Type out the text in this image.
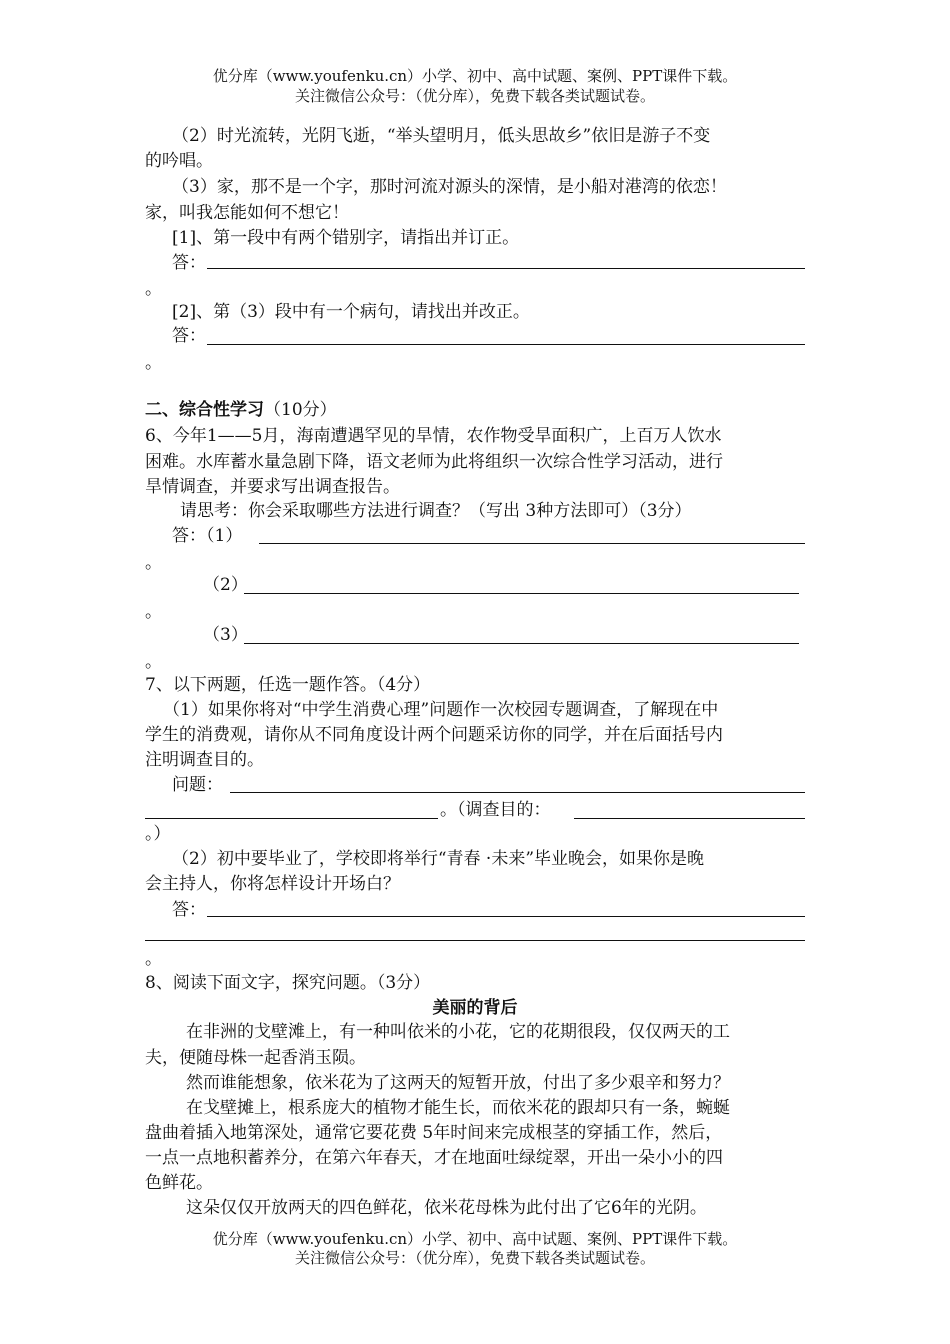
优分库（www.youfenku.cn）小学、初中、高中试题、案例、PPT课件下载。
关注微信公众号：（优分库），免费下载各类试题试卷。
（2）时光流转，光阴飞逝，“举头望明月，低头思故乡”依旧是游子不变
的吟唱。
（3）家，那不是一个字，那时河流对源头的深情，是小船对港湾的依恋！
家，叫我怎能如何不想它！
[1]、第一段中有两个错别字，请指出并订正。
答：
。
[2]、第（3）段中有一个病句，请找出并改正。
答：
。
二、综合性学习（10分）
6、今年1——5月，海南遭遇罕见的旱情，农作物受旱面积广，上百万人饮水
困难。水库蓄水量急剧下降，语文老师为此将组织一次综合性学习活动，进行
旱情调查，并要求写出调查报告。
请思考：你会采取哪些方法进行调查？（写出 3种方法即可）（3分）
答：（1）
。
（2）
。
（3）
。
7、以下两题，任选一题作答。（4分）
（1）如果你将对“中学生消费心理”问题作一次校园专题调查，了解现在中
学生的消费观，请你从不同角度设计两个问题采访你的同学，并在后面括号内
注明调查目的。
问题：
。（调查目的：
。）
（2）初中要毕业了，学校即将举行“青春 ·未来”毕业晚会，如果你是晚
会主持人，你将怎样设计开场白？
答：
。
8、阅读下面文字，探究问题。（3分）
美丽的背后
在非洲的戈壁滩上，有一种叫依米的小花，它的花期很段，仅仅两天的工
夫，便随母株一起香消玉陨。
然而谁能想象，依米花为了这两天的短暂开放，付出了多少艰辛和努力？
在戈壁摊上，根系庞大的植物才能生长，而依米花的跟却只有一条，蜿蜒
盘曲着插入地第深处，通常它要花费 5年时间来完成根茎的穿插工作，然后，
一点一点地积蓄养分，在第六年春天，才在地面吐绿绽翠，开出一朵小小的四
色鲜花。
这朵仅仅开放两天的四色鲜花，依米花母株为此付出了它6年的光阴。
优分库（www.youfenku.cn）小学、初中、高中试题、案例、PPT课件下载。
关注微信公众号：（优分库），免费下载各类试题试卷。
